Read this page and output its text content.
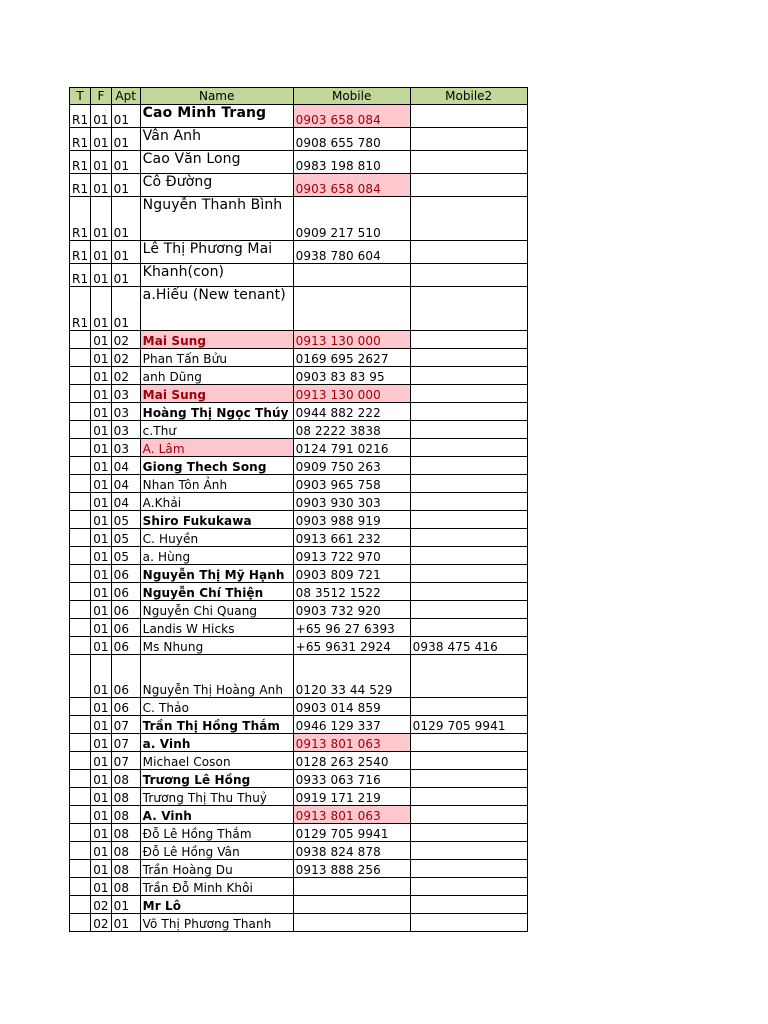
T	F	Apt	Name	Mobile	Mobile2
R1	01	01	Cao Minh Trang	0903 658 084	
R1	01	01	Vân Anh	0908 655 780	
R1	01	01	Cao Văn Long	0983 198 810	
R1	01	01	Cô Đường	0903 658 084	
R1	01	01	Nguyễn Thanh Bình	0909 217 510	
R1	01	01	Lê Thị Phương Mai	0938 780 604	
R1	01	01	Khanh(con)		
R1	01	01	a.Hiếu (New tenant)		
	01	02	Mai Sung	0913 130 000	
	01	02	Phan Tấn Bửu	0169 695 2627	
	01	02	anh Dũng	0903 83 83 95	
	01	03	Mai Sung	0913 130 000	
	01	03	Hoàng Thị Ngọc Thúy	0944 882 222	
	01	03	c.Thư	08 2222 3838	
	01	03	A. Lâm	0124 791 0216	
	01	04	Giong Thech Song	0909 750 263	
	01	04	Nhan Tôn Ảnh	0903 965 758	
	01	04	A.Khải	0903 930 303	
	01	05	Shiro Fukukawa	0903 988 919	
	01	05	C. Huyền	0913 661 232	
	01	05	a. Hùng	0913 722 970	
	01	06	Nguyễn Thị Mỹ Hạnh	0903 809 721	
	01	06	Nguyễn Chí Thiện	08 3512 1522	
	01	06	Nguyễn Chi Quang	0903 732 920	
	01	06	Landis W Hicks	+65 96 27 6393	
	01	06	Ms Nhung	+65 9631 2924	0938 475 416
	01	06	Nguyễn Thị Hoàng Anh	0120 33 44 529	
	01	06	C. Thảo	0903 014 859	
	01	07	Trần Thị Hồng Thắm	0946 129 337	0129 705 9941
	01	07	a. Vinh	0913 801 063	
	01	07	Michael Coson	0128 263 2540	
	01	08	Trương Lê Hồng	0933 063 716	
	01	08	Trương Thị Thu Thuỷ	0919 171 219	
	01	08	A. Vinh	0913 801 063	
	01	08	Đỗ Lê Hồng Thắm	0129 705 9941	
	01	08	Đỗ Lê Hồng Vân	0938 824 878	
	01	08	Trần Hoàng Du	0913 888 256	
	01	08	Trần Đỗ Minh Khôi		
	02	01	Mr Lô		
	02	01	Võ Thị Phương Thanh		
